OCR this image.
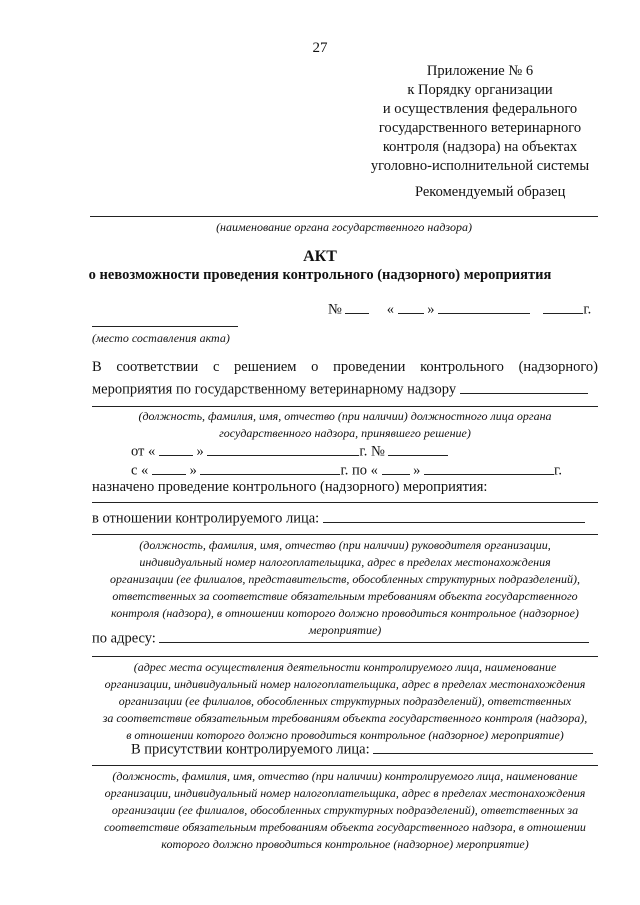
27
Приложение № 6
к Порядку организации
и осуществления федерального
государственного ветеринарного
контроля (надзора) на объектах
уголовно-исполнительной системы
Рекомендуемый образец
(наименование органа государственного надзора)
АКТ
о невозможности проведения контрольного (надзорного) мероприятия
№	« »	г.
(место составления акта)
В соответствии с решением о проведении контрольного (надзорного)
мероприятия по государственному ветеринарному надзору
(должность, фамилия, имя, отчество (при наличии) должностного лица органа
государственного надзора, принявшего решение)
от «	»	г. №
с «	»	г. по « »	г.
назначено проведение контрольного (надзорного) мероприятия:
в отношении контролируемого лица:
(должность, фамилия, имя, отчество (при наличии) руководителя организации,
индивидуальный номер налогоплательщика, адрес в пределах местонахождения
организации (ее филиалов, представительств, обособленных структурных подразделений),
ответственных за соответствие обязательным требованиям объекта государственного
контроля (надзора), в отношении которого должно проводиться контрольное (надзорное)
мероприятие)
по адресу:
(адрес места осуществления деятельности контролируемого лица, наименование
организации, индивидуальный номер налогоплательщика, адрес в пределах местонахождения
организации (ее филиалов, обособленных структурных подразделений), ответственных
за соответствие обязательным требованиям объекта государственного контроля (надзора),
в отношении которого должно проводиться контрольное (надзорное) мероприятие)
В присутствии контролируемого лица:
(должность, фамилия, имя, отчество (при наличии) контролируемого лица, наименование
организации, индивидуальный номер налогоплательщика, адрес в пределах местонахождения
организации (ее филиалов, обособленных структурных подразделений), ответственных за
соответствие обязательным требованиям объекта государственного надзора, в отношении
которого должно проводиться контрольное (надзорное) мероприятие)
